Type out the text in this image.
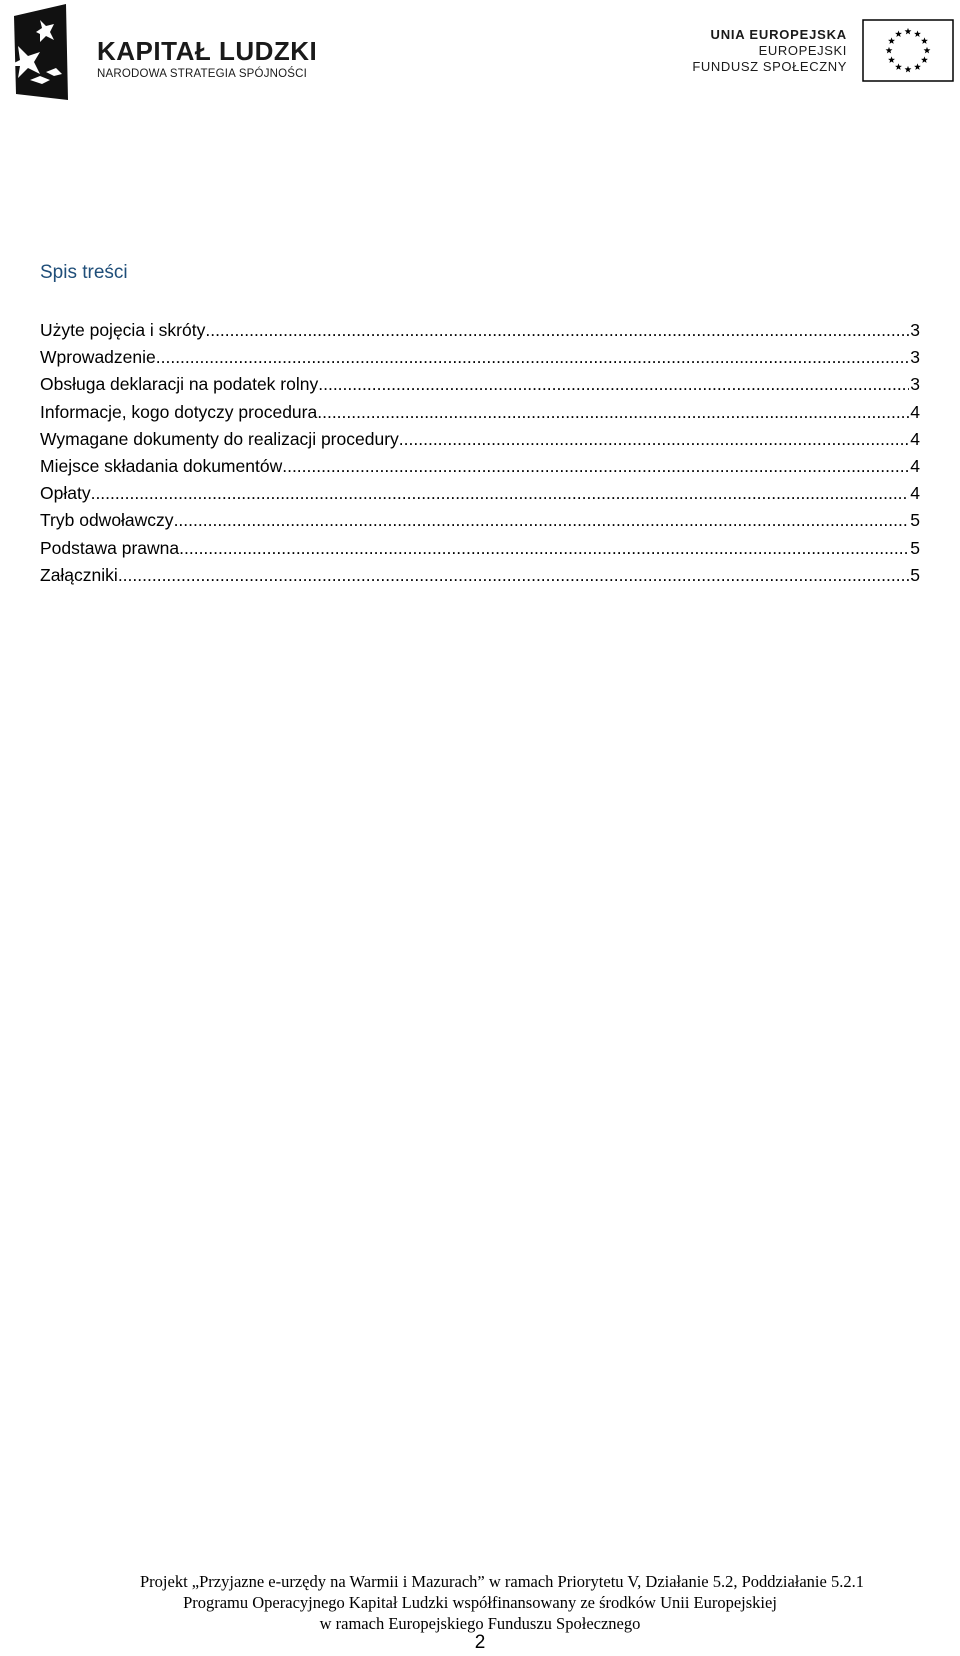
KAPITAŁ LUDZKI
NARODOWA STRATEGIA SPÓJNOŚCI
UNIA EUROPEJSKA
EUROPEJSKI
FUNDUSZ SPOŁECZNY
Spis treści
Użyte pojęcia i skróty .....	3
Wprowadzenie .....	3
Obsługa deklaracji na podatek rolny .....	3
Informacje, kogo dotyczy procedura .....	4
Wymagane dokumenty do realizacji procedury .....	4
Miejsce składania dokumentów .....	4
Opłaty .....	4
Tryb odwoławczy .....	5
Podstawa prawna .....	5
Załączniki .....	5
Projekt „Przyjazne e-urzędy na Warmii i Mazurach” w ramach Priorytetu V, Działanie 5.2, Poddziałanie 5.2.1
Programu Operacyjnego Kapitał Ludzki współfinansowany ze środków Unii Europejskiej
w ramach Europejskiego Funduszu Społecznego
2
